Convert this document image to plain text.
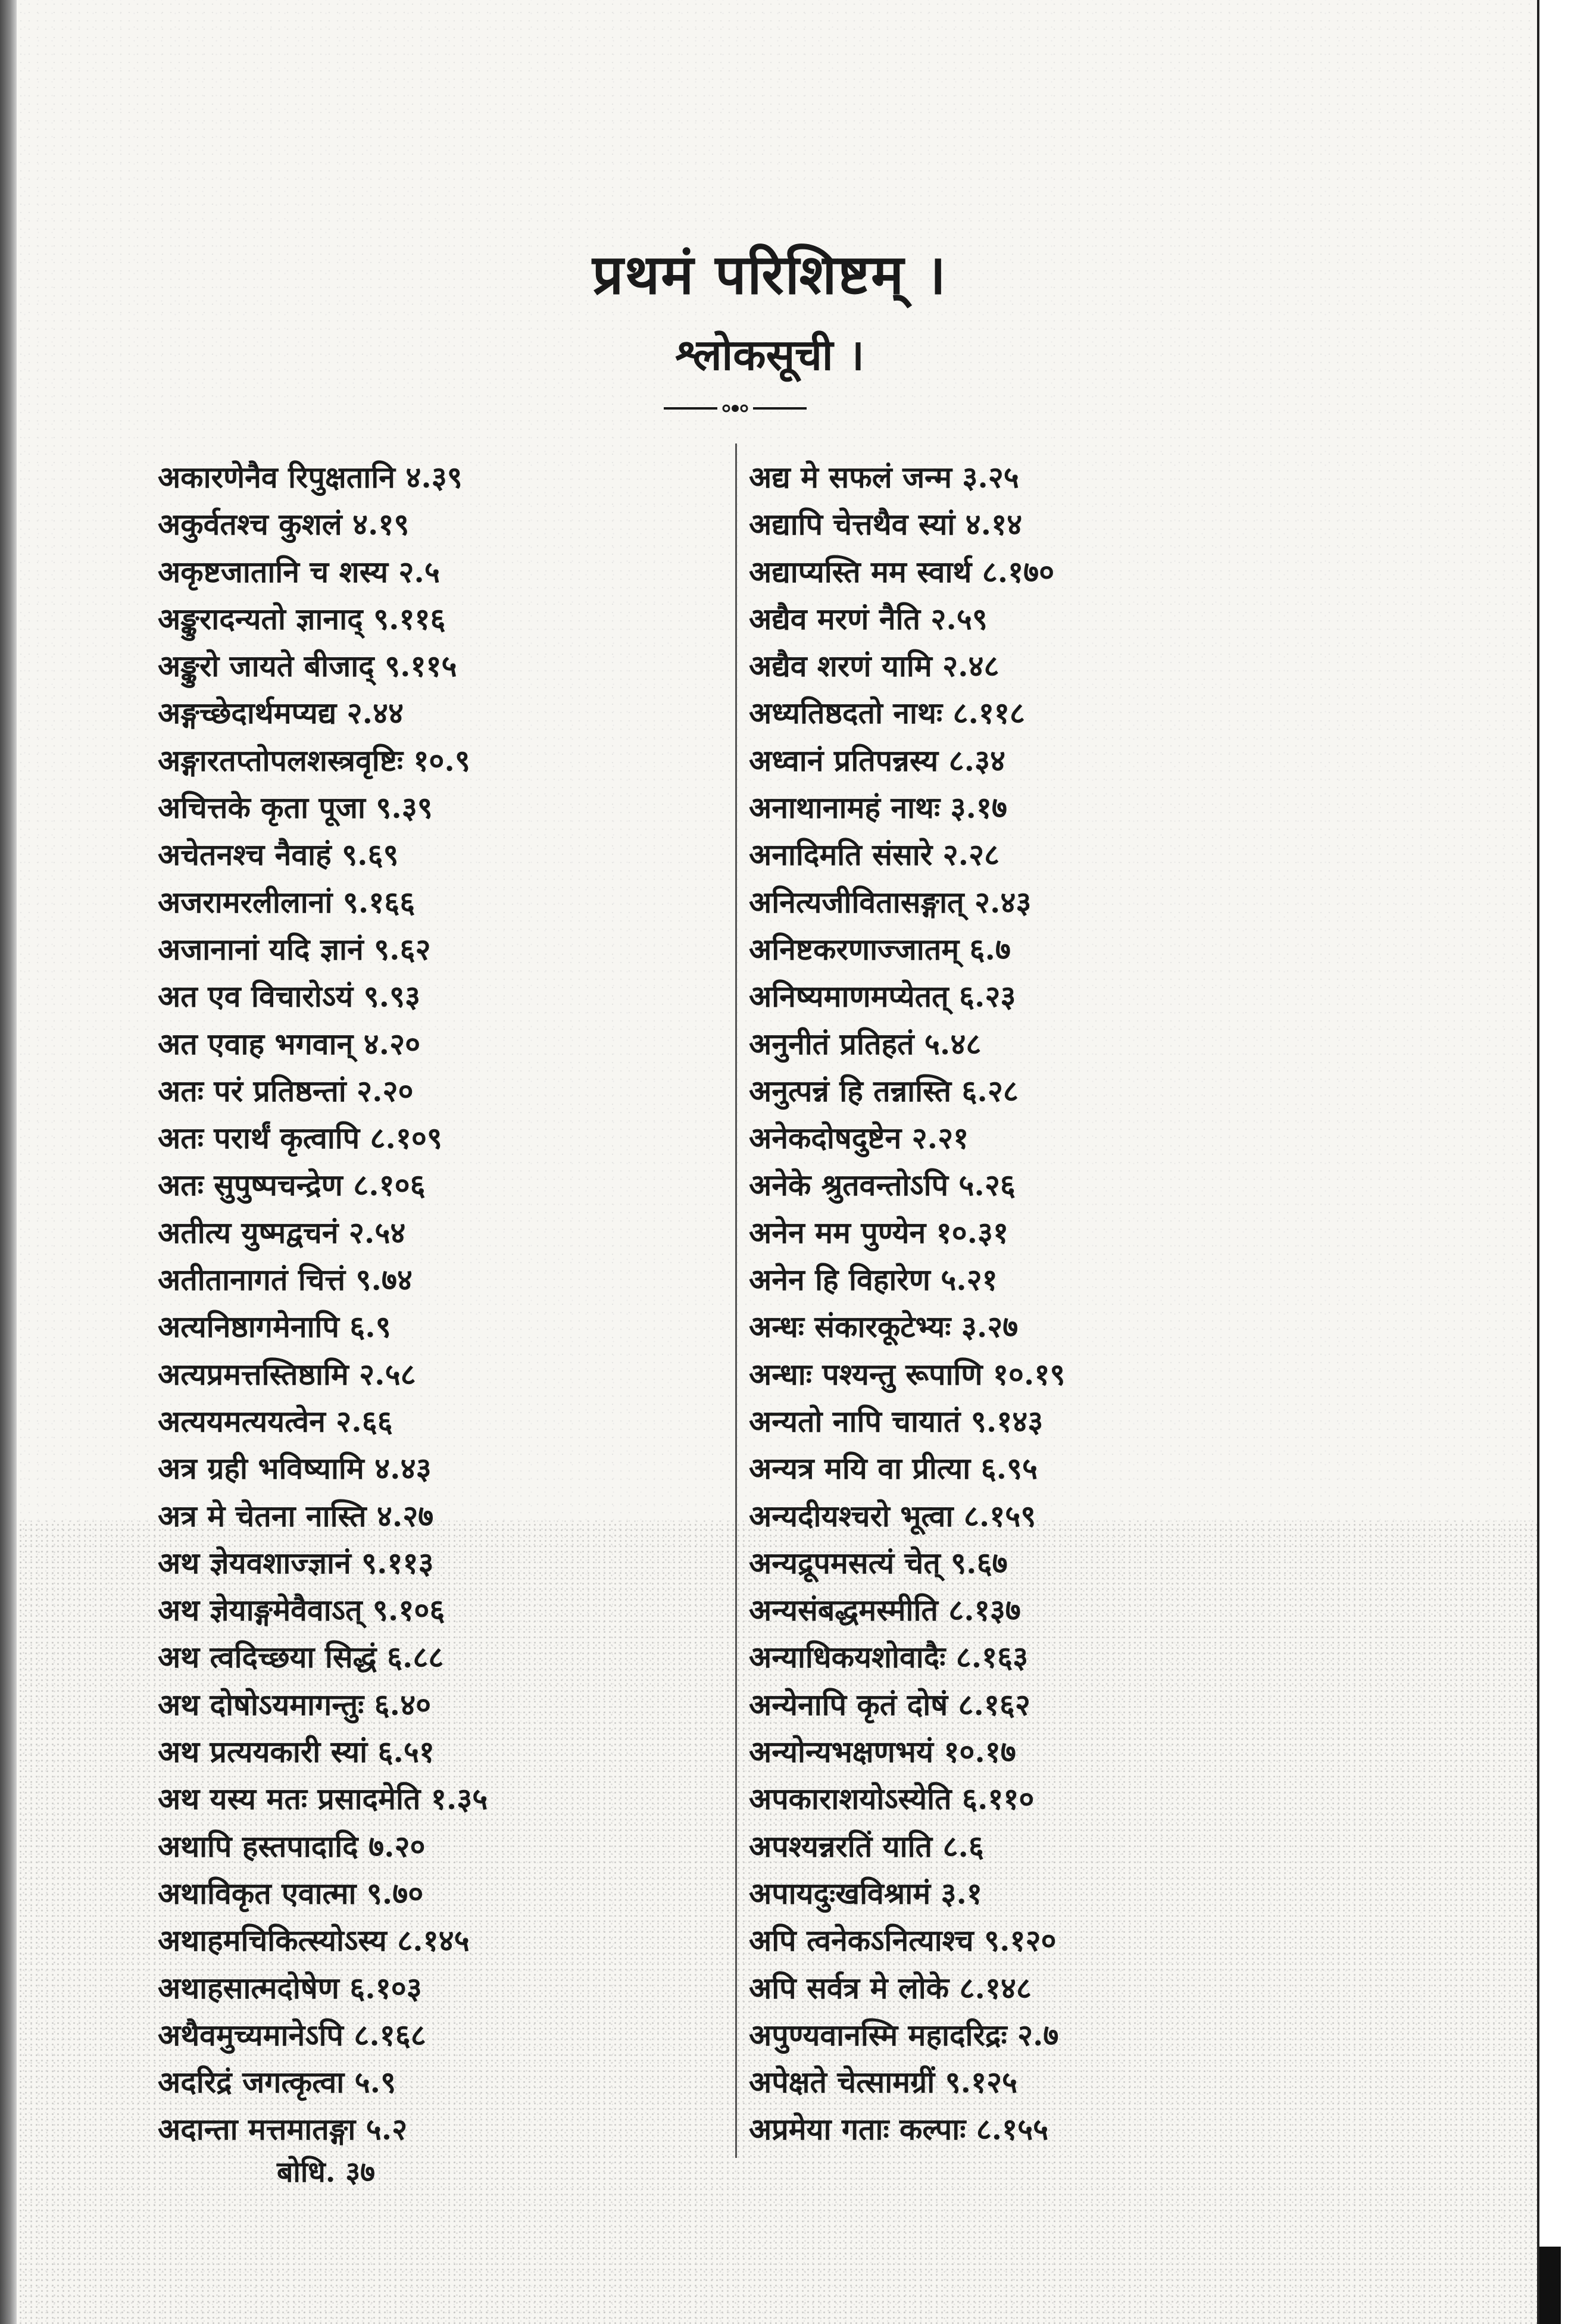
प्रथमं परिशिष्टम् ।
श्लोकसूची ।
अकारणेनैव रिपुक्षतानि ४.३९
अकुर्वतश्च कुशलं ४.१९
अकृष्टजातानि च शस्य २.५
अङ्कुरादन्यतो ज्ञानाद् ९.११६
अङ्कुरो जायते बीजाद् ९.११५
अङ्गच्छेदार्थमप्यद्य २.४४
अङ्गारतप्तोपलशस्त्रवृष्टिः १०.९
अचित्तके कृता पूजा ९.३९
अचेतनश्च नैवाहं ९.६९
अजरामरलीलानां ९.१६६
अजानानां यदि ज्ञानं ९.६२
अत एव विचारोऽयं ९.९३
अत एवाह भगवान् ४.२०
अतः परं प्रतिष्ठन्तां २.२०
अतः परार्थं कृत्वापि ८.१०९
अतः सुपुष्पचन्द्रेण ८.१०६
अतीत्य युष्मद्वचनं २.५४
अतीतानागतं चित्तं ९.७४
अत्यनिष्ठागमेनापि ६.९
अत्यप्रमत्तस्तिष्ठामि २.५८
अत्ययमत्ययत्वेन २.६६
अत्र ग्रही भविष्यामि ४.४३
अत्र मे चेतना नास्ति ४.२७
अथ ज्ञेयवशाज्ज्ञानं ९.११३
अथ ज्ञेयाङ्गमेवैवाऽत् ९.१०६
अथ त्वदिच्छया सिद्धं ६.८८
अथ दोषोऽयमागन्तुः ६.४०
अथ प्रत्ययकारी स्यां ६.५१
अथ यस्य मतः प्रसादमेति १.३५
अथापि हस्तपादादि ७.२०
अथाविकृत एवात्मा ९.७०
अथाहमचिकित्स्योऽस्य ८.१४५
अथाहसात्मदोषेण ६.१०३
अथैवमुच्यमानेऽपि ८.१६८
अदरिद्रं जगत्कृत्वा ५.९
अदान्ता मत्तमातङ्गा ५.२
अद्य मे सफलं जन्म ३.२५
अद्यापि चेत्तथैव स्यां ४.१४
अद्याप्यस्ति मम स्वार्थ ८.१७०
अद्यैव मरणं नैति २.५९
अद्यैव शरणं यामि २.४८
अध्यतिष्ठदतो नाथः ८.११८
अध्वानं प्रतिपन्नस्य ८.३४
अनाथानामहं नाथः ३.१७
अनादिमति संसारे २.२८
अनित्यजीवितासङ्गात् २.४३
अनिष्टकरणाज्जातम् ६.७
अनिष्यमाणमप्येतत् ६.२३
अनुनीतं प्रतिहतं ५.४८
अनुत्पन्नं हि तन्नास्ति ६.२८
अनेकदोषदुष्टेन २.२१
अनेके श्रुतवन्तोऽपि ५.२६
अनेन मम पुण्येन १०.३१
अनेन हि विहारेण ५.२१
अन्धः संकारकूटेभ्यः ३.२७
अन्धाः पश्यन्तु रूपाणि १०.१९
अन्यतो नापि चायातं ९.१४३
अन्यत्र मयि वा प्रीत्या ६.९५
अन्यदीयश्चरो भूत्वा ८.१५९
अन्यद्रूपमसत्यं चेत् ९.६७
अन्यसंबद्धमस्मीति ८.१३७
अन्याधिकयशोवादैः ८.१६३
अन्येनापि कृतं दोषं ८.१६२
अन्योन्यभक्षणभयं १०.१७
अपकाराशयोऽस्येति ६.११०
अपश्यन्नरतिं याति ८.६
अपायदुःखविश्रामं ३.१
अपि त्वनेकऽनित्याश्च ९.१२०
अपि सर्वत्र मे लोके ८.१४८
अपुण्यवानस्मि महादरिद्रः २.७
अपेक्षते चेत्सामग्रीं ९.१२५
अप्रमेया गताः कल्पाः ८.१५५
बोधि. ३७
